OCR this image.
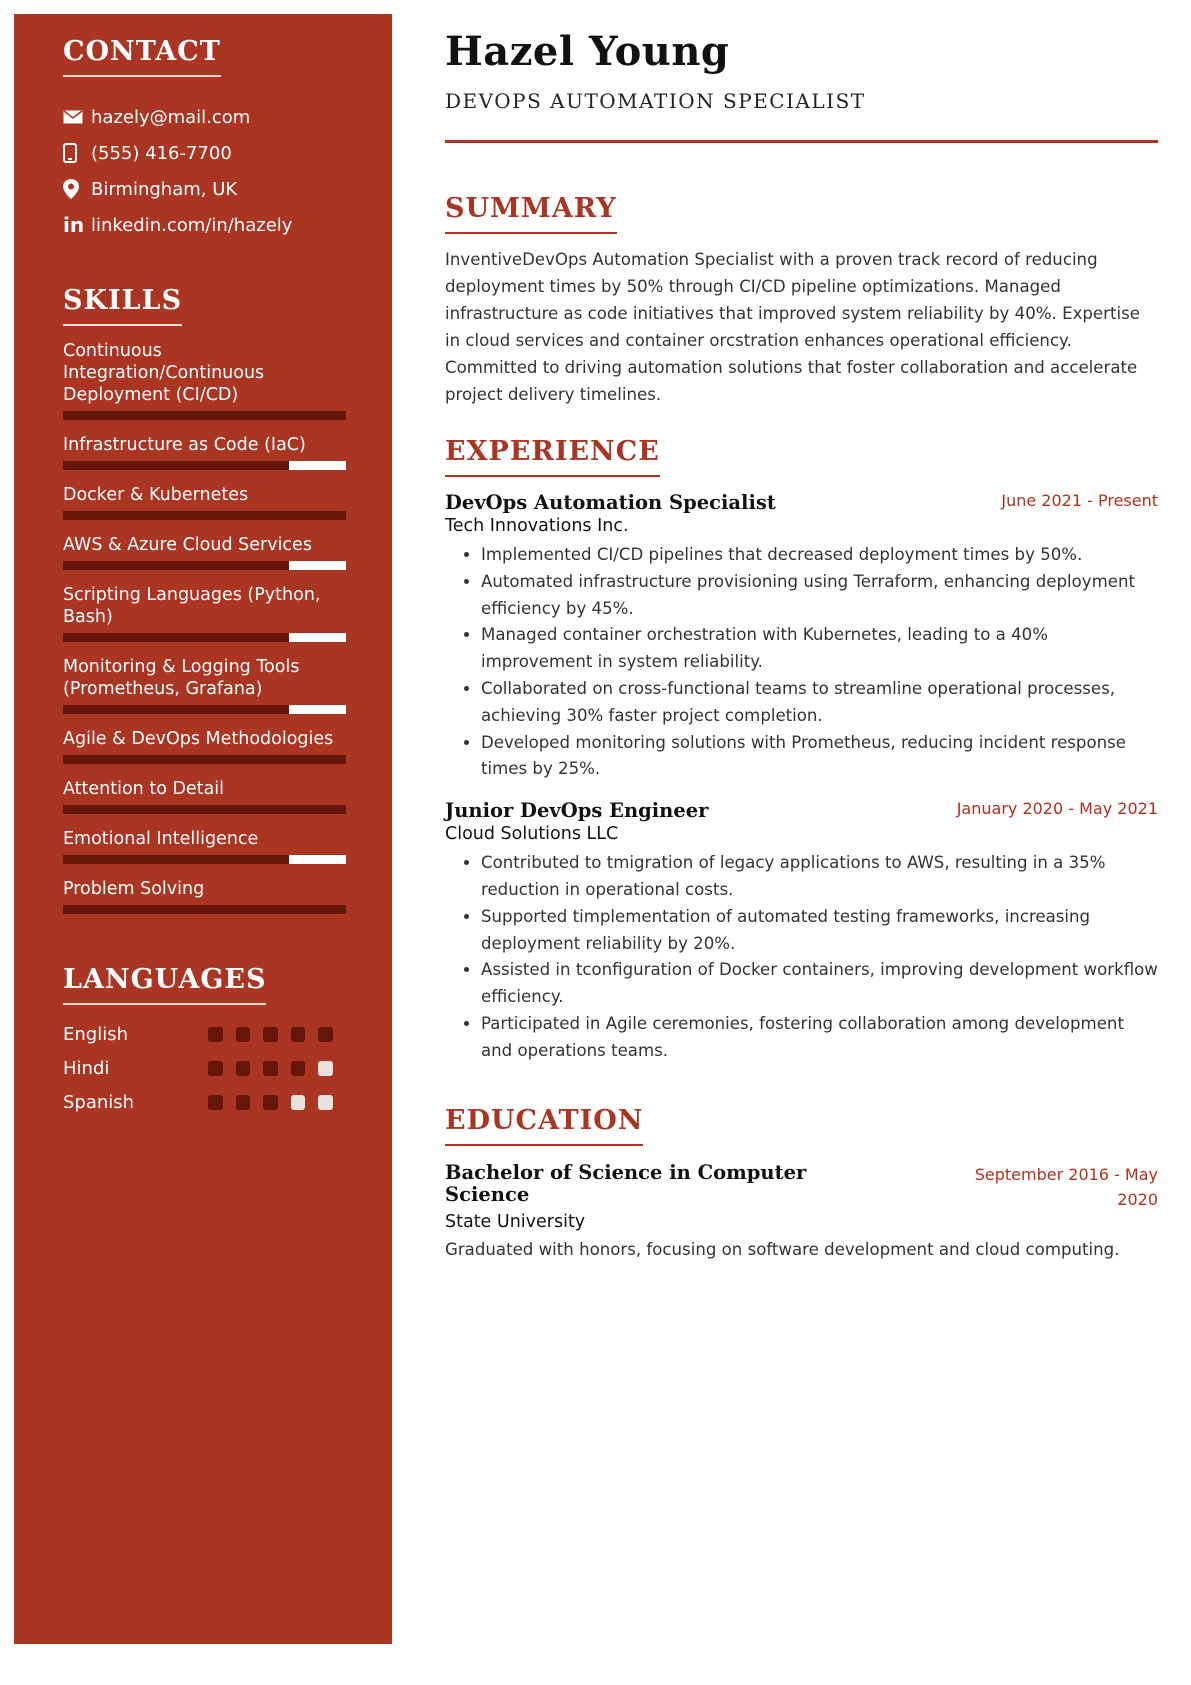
CONTACT
hazely@mail.com
(555) 416-7700
Birmingham, UK
in linkedin.com/in/hazely
SKILLS
Continuous Integration/Continuous Deployment (CI/CD)
Infrastructure as Code (IaC)
Docker & Kubernetes
AWS & Azure Cloud Services
Scripting Languages (Python, Bash)
Monitoring & Logging Tools (Prometheus, Grafana)
Agile & DevOps Methodologies
Attention to Detail
Emotional Intelligence
Problem Solving
LANGUAGES
English
Hindi
Spanish
Hazel Young
DEVOPS AUTOMATION SPECIALIST
SUMMARY
InventiveDevOps Automation Specialist with a proven track record of reducing deployment times by 50% through CI/CD pipeline optimizations. Managed infrastructure as code initiatives that improved system reliability by 40%. Expertise in cloud services and container orcstration enhances operational efficiency. Committed to driving automation solutions that foster collaboration and accelerate project delivery timelines.
EXPERIENCE
DevOps Automation Specialist	June 2021 - Present
Tech Innovations Inc.
• Implemented CI/CD pipelines that decreased deployment times by 50%.
• Automated infrastructure provisioning using Terraform, enhancing deployment efficiency by 45%.
• Managed container orchestration with Kubernetes, leading to a 40% improvement in system reliability.
• Collaborated on cross-functional teams to streamline operational processes, achieving 30% faster project completion.
• Developed monitoring solutions with Prometheus, reducing incident response times by 25%.
Junior DevOps Engineer	January 2020 - May 2021
Cloud Solutions LLC
• Contributed to tmigration of legacy applications to AWS, resulting in a 35% reduction in operational costs.
• Supported timplementation of automated testing frameworks, increasing deployment reliability by 20%.
• Assisted in tconfiguration of Docker containers, improving development workflow efficiency.
• Participated in Agile ceremonies, fostering collaboration among development and operations teams.
EDUCATION
Bachelor of Science in Computer Science
September 2016 - May 2020
State University
Graduated with honors, focusing on software development and cloud computing.
